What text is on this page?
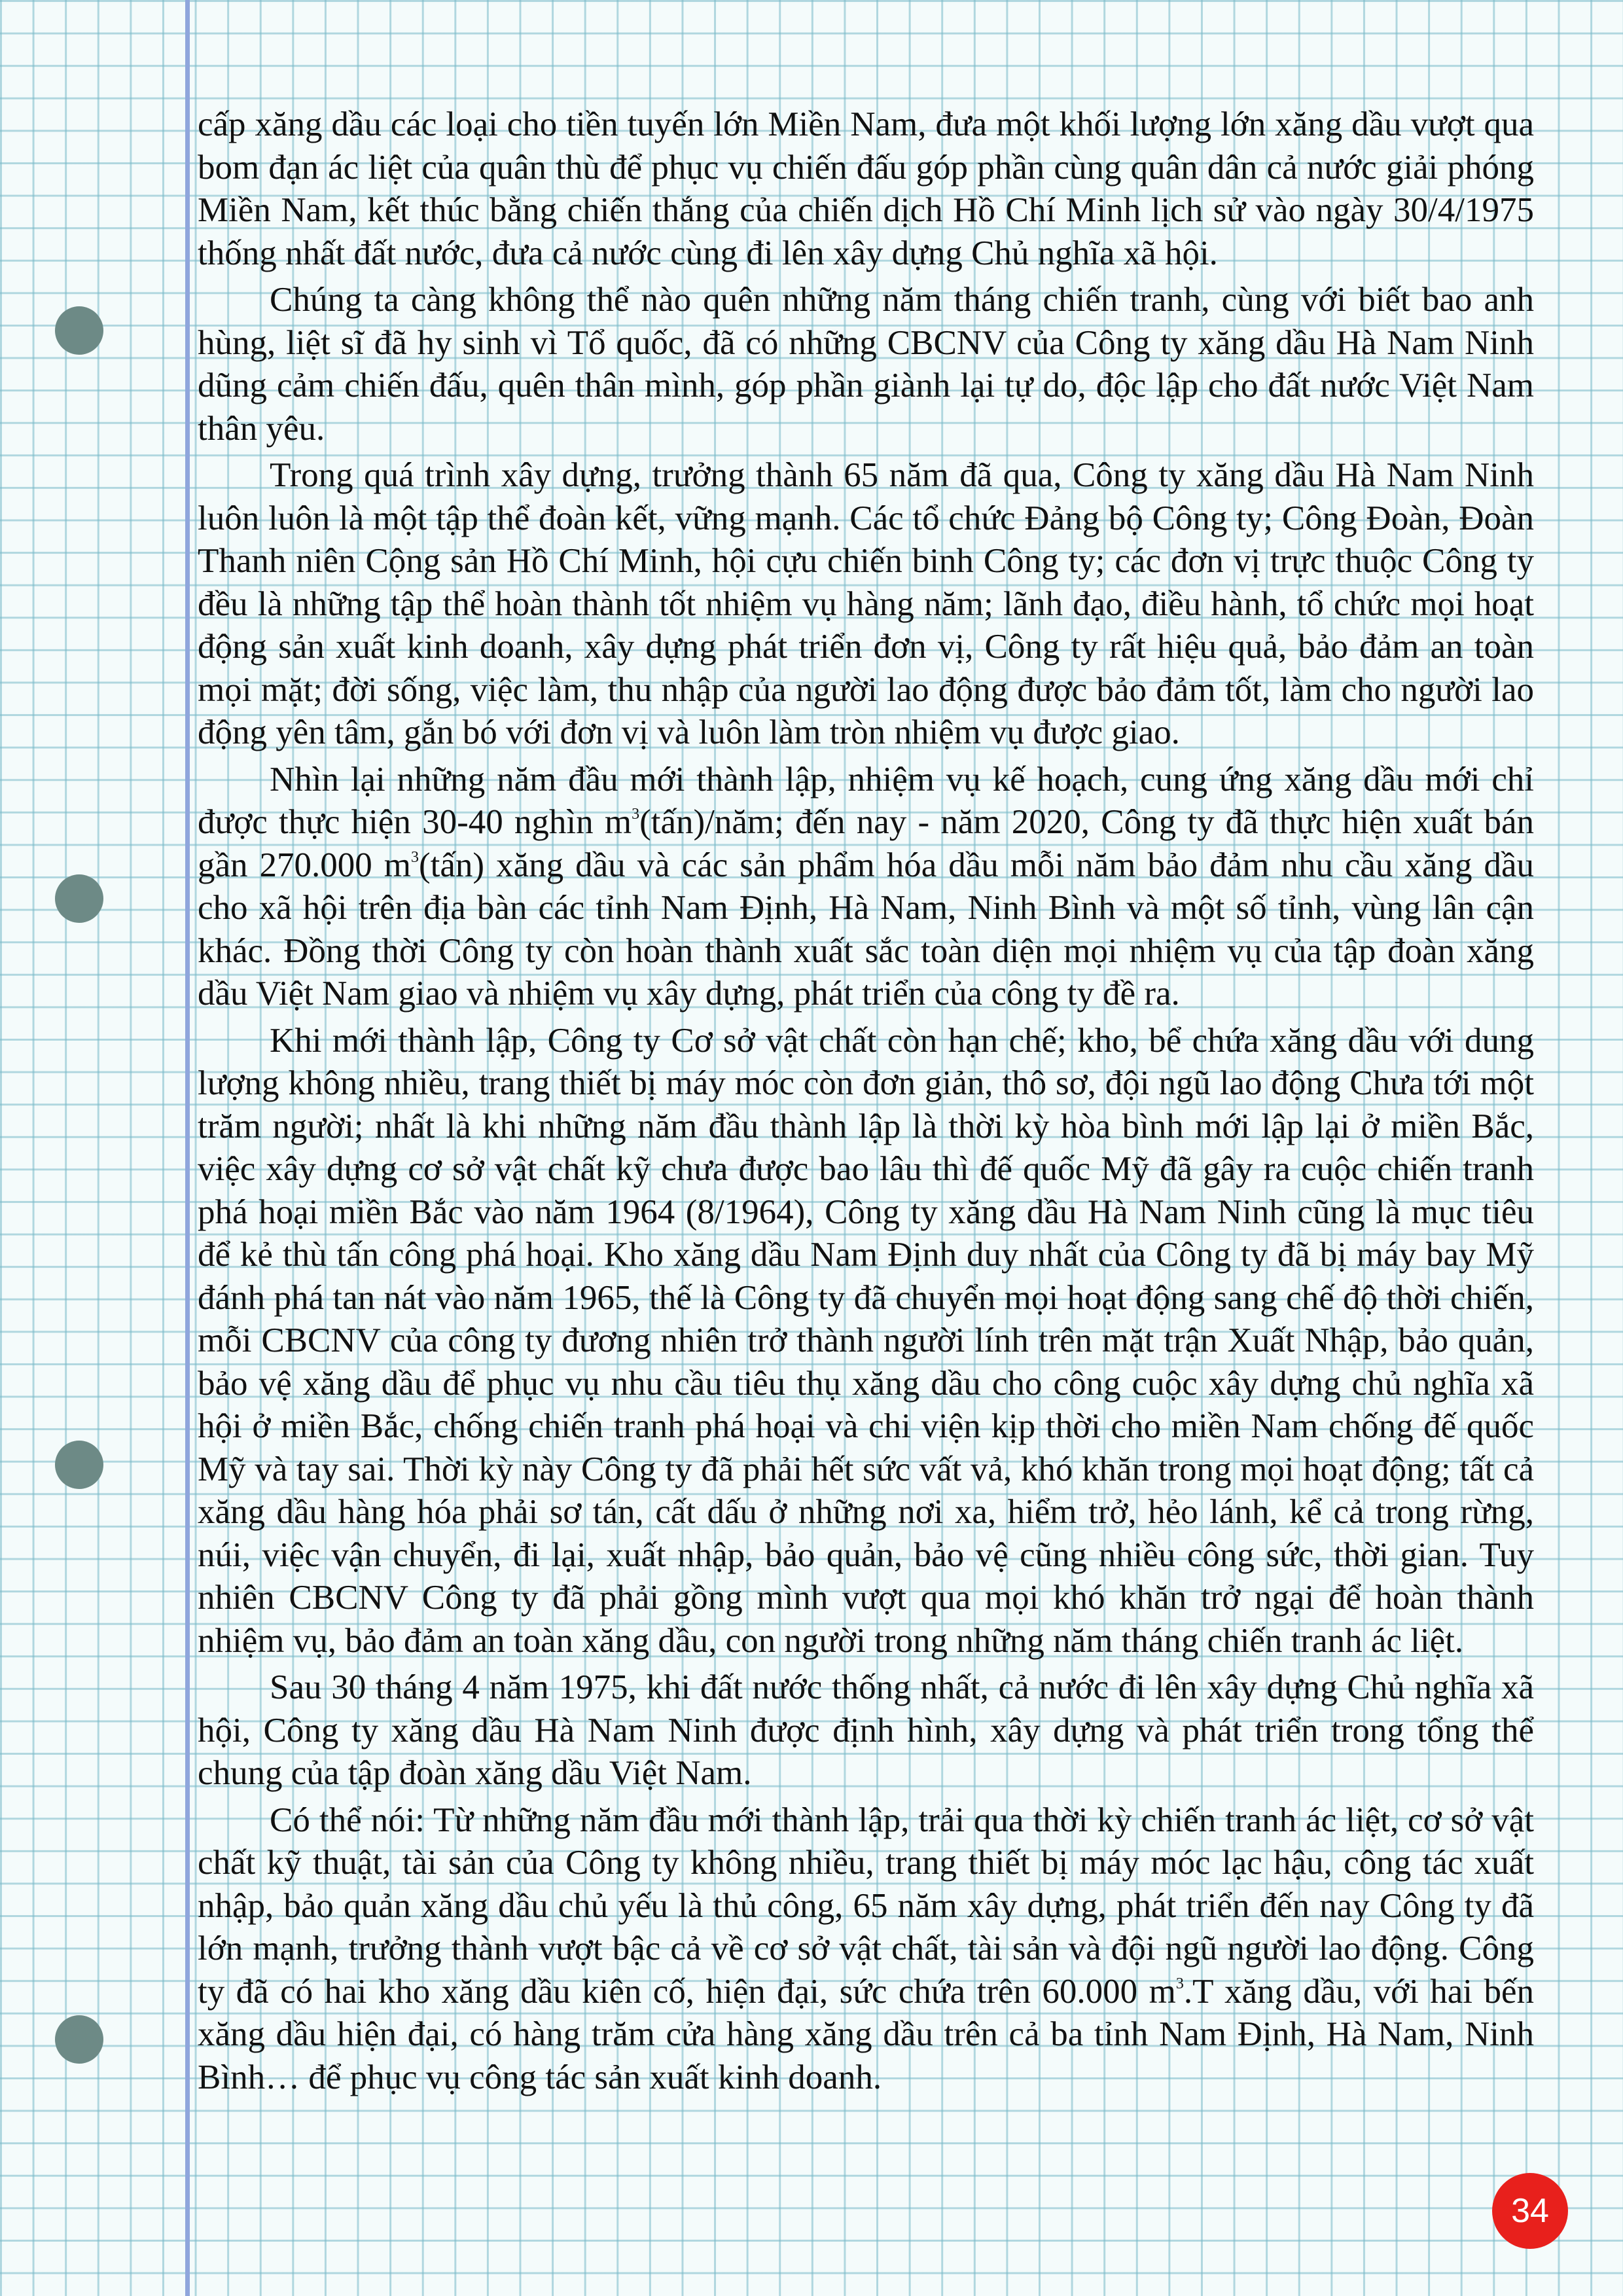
cấp xăng dầu các loại cho tiền tuyến lớn Miền Nam, đưa một khối lượng lớn xăng dầu vượt qua bom đạn ác liệt của quân thù để phục vụ chiến đấu góp phần cùng quân dân cả nước giải phóng Miền Nam, kết thúc bằng chiến thắng của chiến dịch Hồ Chí Minh lịch sử vào ngày 30/4/1975 thống nhất đất nước, đưa cả nước cùng đi lên xây dựng Chủ nghĩa xã hội.

Chúng ta càng không thể nào quên những năm tháng chiến tranh, cùng với biết bao anh hùng, liệt sĩ đã hy sinh vì Tổ quốc, đã có những CBCNV của Công ty xăng dầu Hà Nam Ninh dũng cảm chiến đấu, quên thân mình, góp phần giành lại tự do, độc lập cho đất nước Việt Nam thân yêu.

Trong quá trình xây dựng, trưởng thành 65 năm đã qua, Công ty xăng dầu Hà Nam Ninh luôn luôn là một tập thể đoàn kết, vững mạnh. Các tổ chức Đảng bộ Công ty; Công Đoàn, Đoàn Thanh niên Cộng sản Hồ Chí Minh, hội cựu chiến binh Công ty; các đơn vị trực thuộc Công ty đều là những tập thể hoàn thành tốt nhiệm vụ hàng năm; lãnh đạo, điều hành, tổ chức mọi hoạt động sản xuất kinh doanh, xây dựng phát triển đơn vị, Công ty rất hiệu quả, bảo đảm an toàn mọi mặt; đời sống, việc làm, thu nhập của người lao động được bảo đảm tốt, làm cho người lao động yên tâm, gắn bó với đơn vị và luôn làm tròn nhiệm vụ được giao.

Nhìn lại những năm đầu mới thành lập, nhiệm vụ kế hoạch, cung ứng xăng dầu mới chỉ được thực hiện 30-40 nghìn $m^3(tấn)$/năm; đến nay - năm 2020, Công ty đã thực hiện xuất bán gần 270.000 $m^3(tấn)$ xăng dầu và các sản phẩm hóa dầu mỗi năm bảo đảm nhu cầu xăng dầu cho xã hội trên địa bàn các tỉnh Nam Định, Hà Nam, Ninh Bình và một số tỉnh, vùng lân cận khác. Đồng thời Công ty còn hoàn thành xuất sắc toàn diện mọi nhiệm vụ của tập đoàn xăng dầu Việt Nam giao và nhiệm vụ xây dựng, phát triển của công ty đề ra.

Khi mới thành lập, Công ty Cơ sở vật chất còn hạn chế; kho, bể chứa xăng dầu với dung lượng không nhiều, trang thiết bị máy móc còn đơn giản, thô sơ, đội ngũ lao động Chưa tới một trăm người; nhất là khi những năm đầu thành lập là thời kỳ hòa bình mới lập lại ở miền Bắc, việc xây dựng cơ sở vật chất kỹ chưa được bao lâu thì đế quốc Mỹ đã gây ra cuộc chiến tranh phá hoại miền Bắc vào năm 1964 (8/1964), Công ty xăng dầu Hà Nam Ninh cũng là mục tiêu để kẻ thù tấn công phá hoại. Kho xăng dầu Nam Định duy nhất của Công ty đã bị máy bay Mỹ đánh phá tan nát vào năm 1965, thế là Công ty đã chuyển mọi hoạt động sang chế độ thời chiến, mỗi CBCNV của công ty đương nhiên trở thành người lính trên mặt trận Xuất Nhập, bảo quản, bảo vệ xăng dầu để phục vụ nhu cầu tiêu thụ xăng dầu cho công cuộc xây dựng chủ nghĩa xã hội ở miền Bắc, chống chiến tranh phá hoại và chi viện kịp thời cho miền Nam chống đế quốc Mỹ và tay sai. Thời kỳ này Công ty đã phải hết sức vất vả, khó khăn trong mọi hoạt động; tất cả xăng dầu hàng hóa phải sơ tán, cất dấu ở những nơi xa, hiểm trở, hẻo lánh, kể cả trong rừng, núi, việc vận chuyển, đi lại, xuất nhập, bảo quản, bảo vệ cũng nhiều công sức, thời gian. Tuy nhiên CBCNV Công ty đã phải gồng mình vượt qua mọi khó khăn trở ngại để hoàn thành nhiệm vụ, bảo đảm an toàn xăng dầu, con người trong những năm tháng chiến tranh ác liệt.

Sau 30 tháng 4 năm 1975, khi đất nước thống nhất, cả nước đi lên xây dựng Chủ nghĩa xã hội, Công ty xăng dầu Hà Nam Ninh được định hình, xây dựng và phát triển trong tổng thể chung của tập đoàn xăng dầu Việt Nam.

Có thể nói: Từ những năm đầu mới thành lập, trải qua thời kỳ chiến tranh ác liệt, cơ sở vật chất kỹ thuật, tài sản của Công ty không nhiều, trang thiết bị máy móc lạc hậu, công tác xuất nhập, bảo quản xăng dầu chủ yếu là thủ công, 65 năm xây dựng, phát triển đến nay Công ty đã lớn mạnh, trưởng thành vượt bậc cả về cơ sở vật chất, tài sản và đội ngũ người lao động. Công ty đã có hai kho xăng dầu kiên cố, hiện đại, sức chứa trên 60.000 $m^3.T$ xăng dầu, với hai bến xăng dầu hiện đại, có hàng trăm cửa hàng xăng dầu trên cả ba tỉnh Nam Định, Hà Nam, Ninh Bình… để phục vụ công tác sản xuất kinh doanh.

34
